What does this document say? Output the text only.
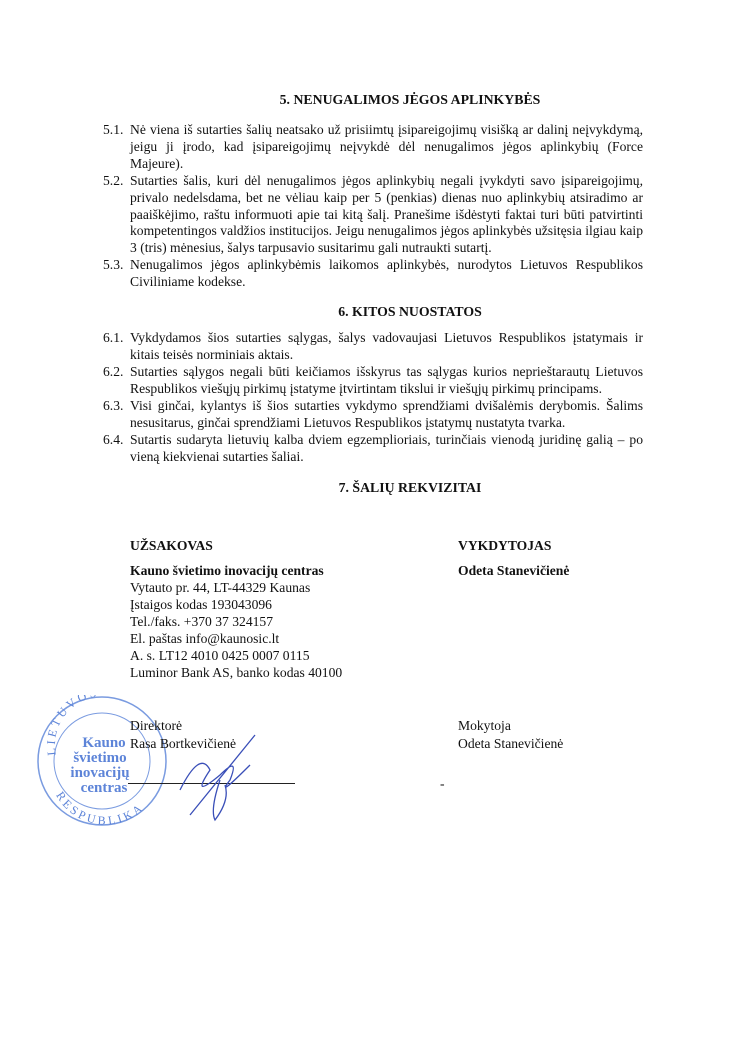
5. NENUGALIMOS JĖGOS APLINKYBĖS
5.1. Nė viena iš sutarties šalių neatsako už prisiimtų įsipareigojimų visišką ar dalinį neįvykdymą, jeigu ji įrodo, kad įsipareigojimų neįvykdė dėl nenugalimos jėgos aplinkybių (Force Majeure).
5.2. Sutarties šalis, kuri dėl nenugalimos jėgos aplinkybių negali įvykdyti savo įsipareigojimų, privalo nedelsdama, bet ne vėliau kaip per 5 (penkias) dienas nuo aplinkybių atsiradimo ar paaiškėjimo, raštu informuoti apie tai kitą šalį. Pranešime išdėstyti faktai turi būti patvirtinti kompetentingos valdžios institucijos. Jeigu nenugalimos jėgos aplinkybės užsitęsia ilgiau kaip 3 (tris) mėnesius, šalys tarpusavio susitarimu gali nutraukti sutartį.
5.3. Nenugalimos jėgos aplinkybėmis laikomos aplinkybės, nurodytos Lietuvos Respublikos Civiliniame kodekse.
6. KITOS NUOSTATOS
6.1. Vykdydamos šios sutarties sąlygas, šalys vadovaujasi Lietuvos Respublikos įstatymais ir kitais teisės norminiais aktais.
6.2. Sutarties sąlygos negali būti keičiamos išskyrus tas sąlygas kurios neprieštarautų Lietuvos Respublikos viešųjų pirkimų įstatyme įtvirtintam tikslui ir viešųjų pirkimų principams.
6.3. Visi ginčai, kylantys iš šios sutarties vykdymo sprendžiami dvišalėmis derybomis. Šalims nesusitarus, ginčai sprendžiami Lietuvos Respublikos įstatymų nustatyta tvarka.
6.4. Sutartis sudaryta lietuvių kalba dviem egzemplioriais, turinčiais vienodą juridinę galią – po vieną kiekvienai sutarties šaliai.
7. ŠALIŲ REKVIZITAI
UŽSAKOVAS
Kauno švietimo inovacijų centras
Vytauto pr. 44, LT-44329 Kaunas
Įstaigos kodas 193043096
Tel./faks. +370 37 324157
El. paštas info@kaunosic.lt
A. s. LT12 4010 0425 0007 0115
Luminor Bank AS, banko kodas 40100
VYKDYTOJAS
Odeta Stanevičienė
Kauno
švietimo
inovacijų
centras
LIETUVO
RESPUBLIKA
Direktorė
Rasa Bortkevičienė
Mokytoja
Odeta Stanevičienė
-
